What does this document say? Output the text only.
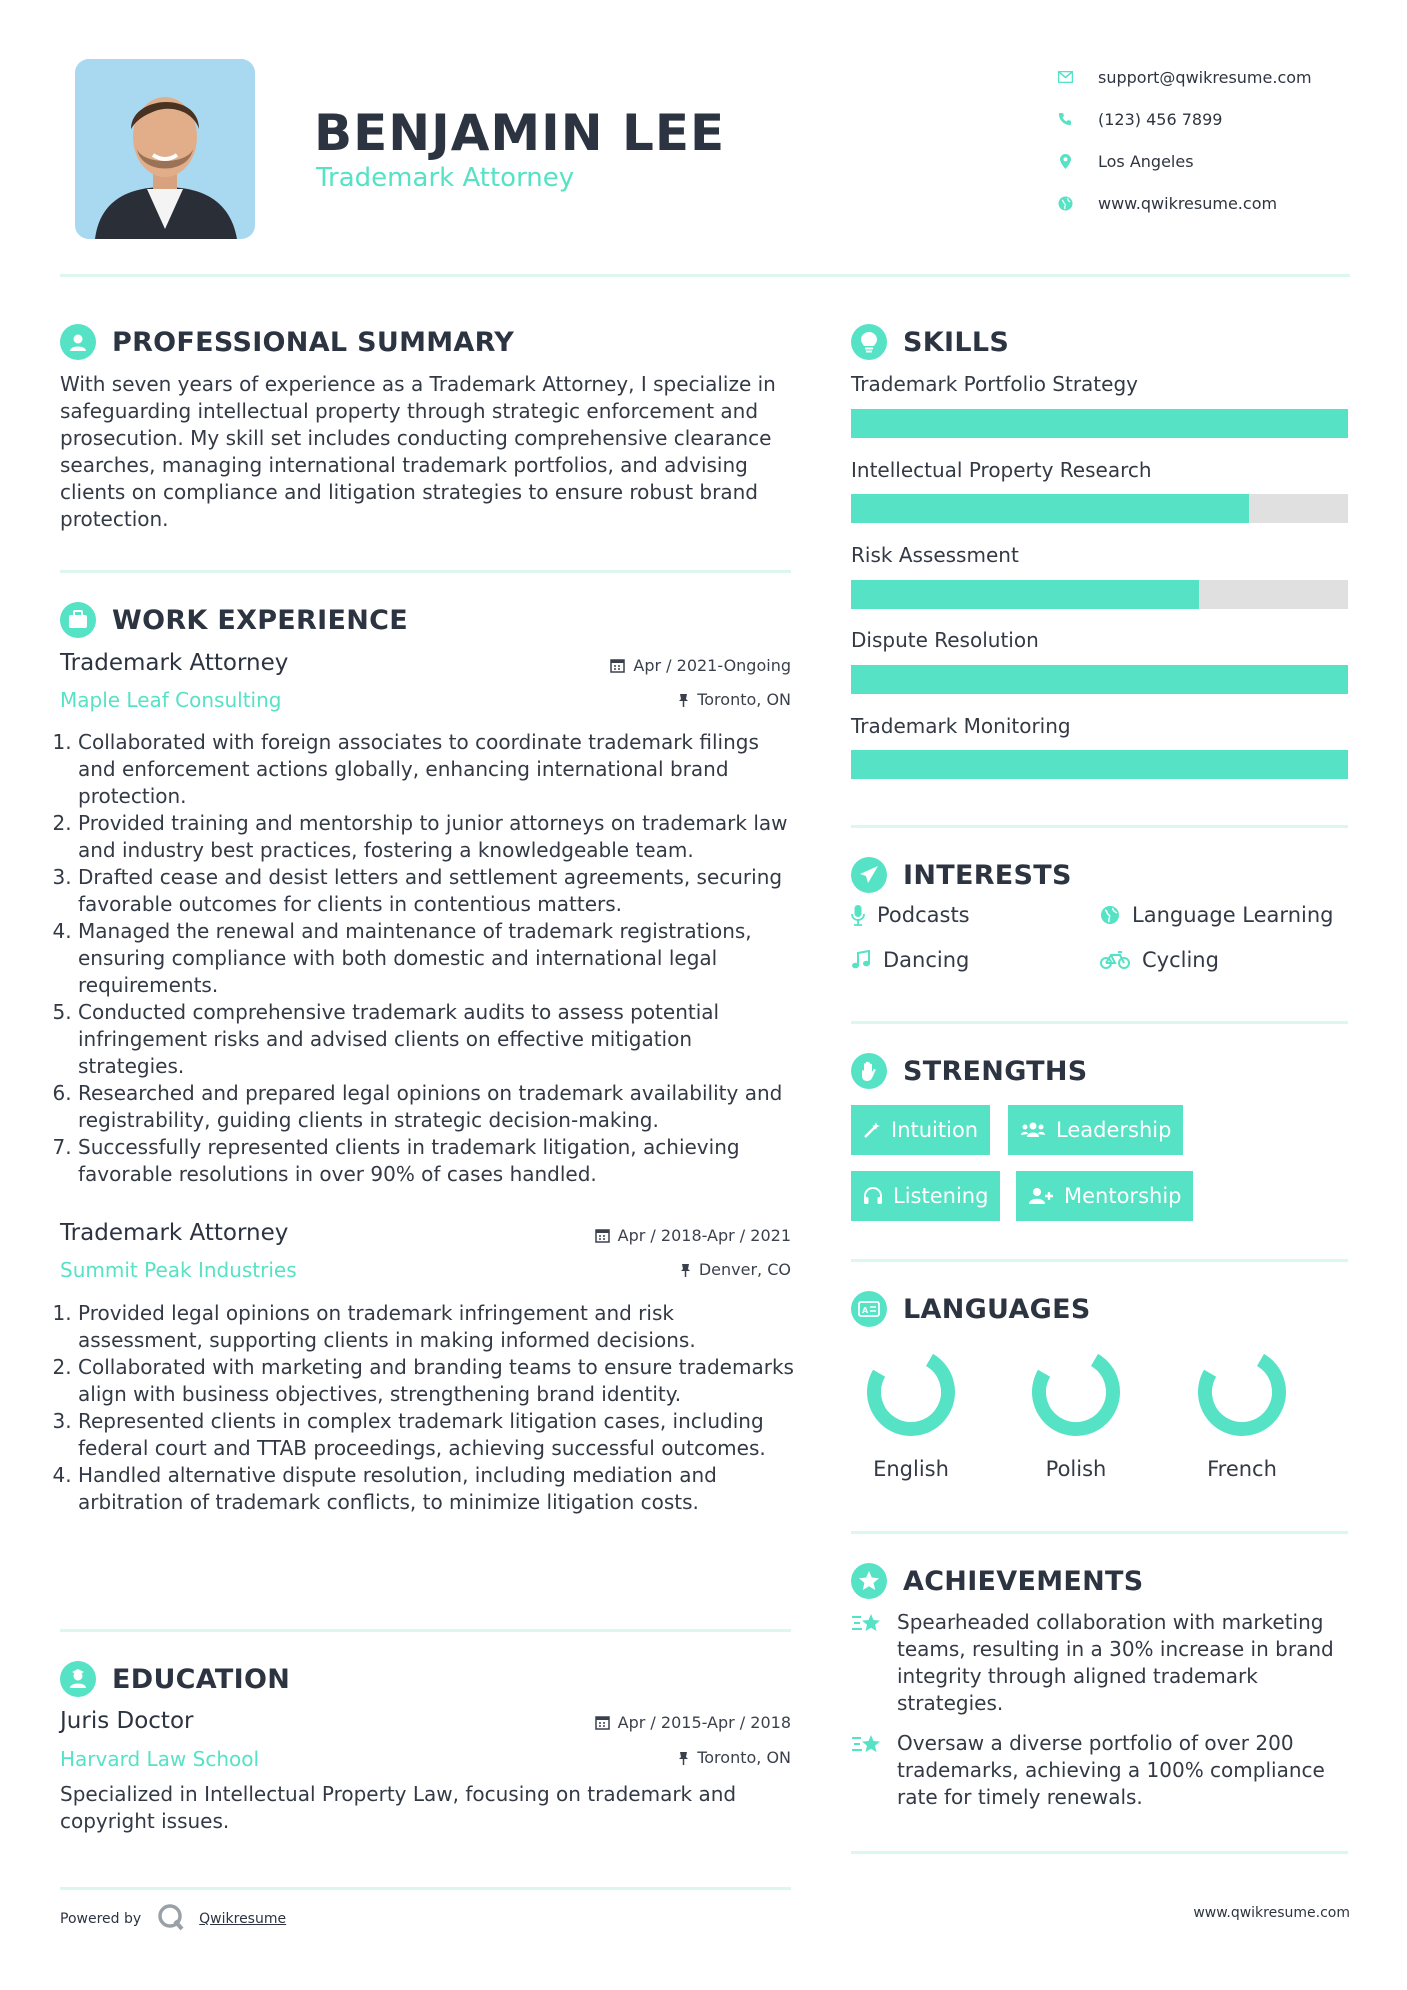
BENJAMIN LEE
Trademark Attorney
support@qwikresume.com
(123) 456 7899
Los Angeles
www.qwikresume.com
PROFESSIONAL SUMMARY
With seven years of experience as a Trademark Attorney, I specialize in safeguarding intellectual property through strategic enforcement and prosecution. My skill set includes conducting comprehensive clearance searches, managing international trademark portfolios, and advising clients on compliance and litigation strategies to ensure robust brand protection.
WORK EXPERIENCE
Trademark Attorney
Maple Leaf Consulting
Apr / 2021-Ongoing
Toronto, ON
1. Collaborated with foreign associates to coordinate trademark filings and enforcement actions globally, enhancing international brand protection.
2. Provided training and mentorship to junior attorneys on trademark law and industry best practices, fostering a knowledgeable team.
3. Drafted cease and desist letters and settlement agreements, securing favorable outcomes for clients in contentious matters.
4. Managed the renewal and maintenance of trademark registrations, ensuring compliance with both domestic and international legal requirements.
5. Conducted comprehensive trademark audits to assess potential infringement risks and advised clients on effective mitigation strategies.
6. Researched and prepared legal opinions on trademark availability and registrability, guiding clients in strategic decision-making.
7. Successfully represented clients in trademark litigation, achieving favorable resolutions in over 90% of cases handled.
Trademark Attorney
Summit Peak Industries
Apr / 2018-Apr / 2021
Denver, CO
1. Provided legal opinions on trademark infringement and risk assessment, supporting clients in making informed decisions.
2. Collaborated with marketing and branding teams to ensure trademarks align with business objectives, strengthening brand identity.
3. Represented clients in complex trademark litigation cases, including federal court and TTAB proceedings, achieving successful outcomes.
4. Handled alternative dispute resolution, including mediation and arbitration of trademark conflicts, to minimize litigation costs.
EDUCATION
Juris Doctor
Harvard Law School
Apr / 2015-Apr / 2018
Toronto, ON
Specialized in Intellectual Property Law, focusing on trademark and copyright issues.
SKILLS
Trademark Portfolio Strategy
Intellectual Property Research
Risk Assessment
Dispute Resolution
Trademark Monitoring
INTERESTS
Podcasts	Language Learning
Dancing	Cycling
STRENGTHS
Intuition	Leadership
Listening	Mentorship
A LANGUAGES
English	Polish	French
ACHIEVEMENTS
Spearheaded collaboration with marketing teams, resulting in a 30% increase in brand integrity through aligned trademark strategies.
Oversaw a diverse portfolio of over 200 trademarks, achieving a 100% compliance rate for timely renewals.
Powered by	Qwikresume	www.qwikresume.com
